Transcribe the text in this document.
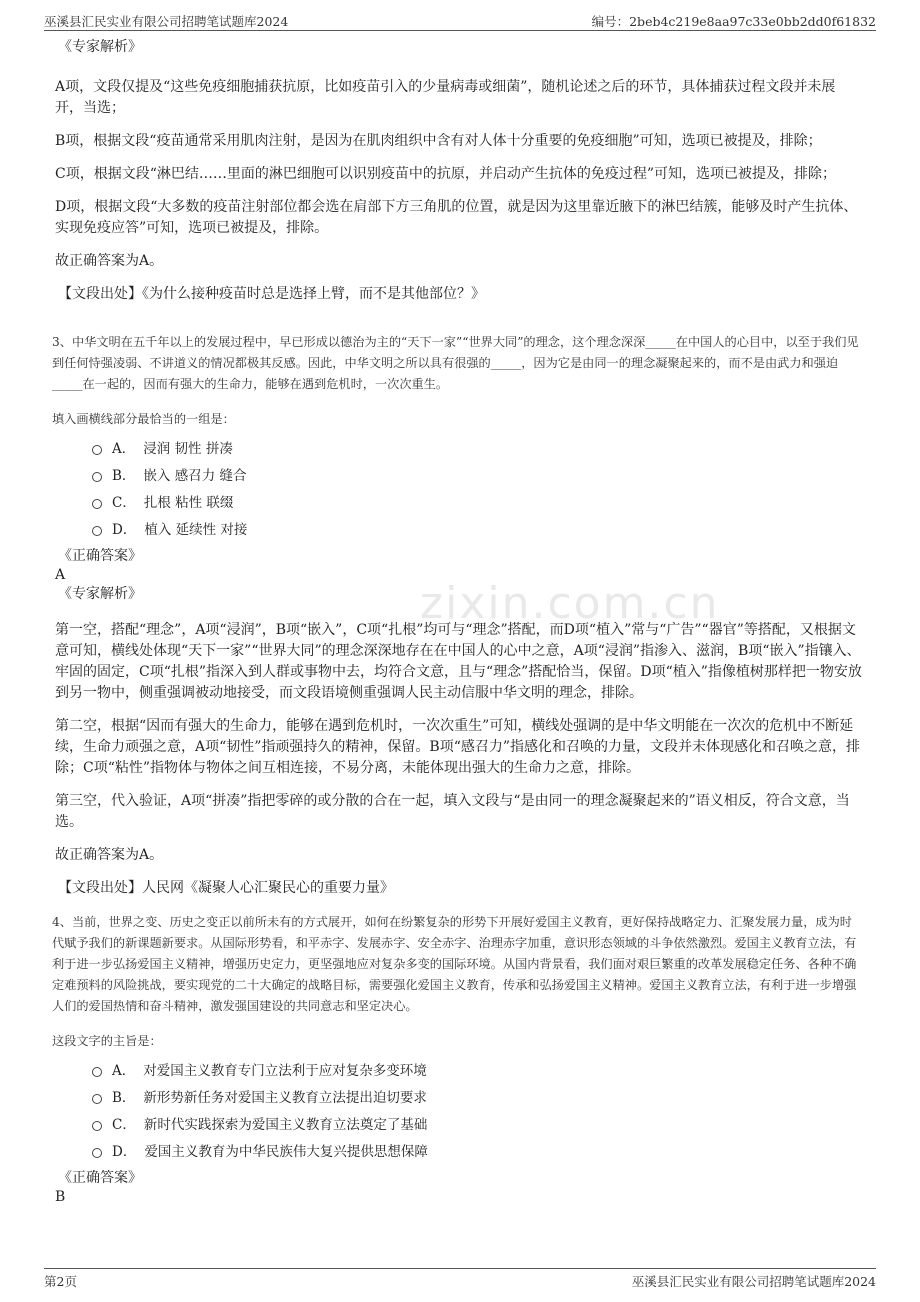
zixin.com.cn
巫溪县汇民实业有限公司招聘笔试题库2024	编号：2beb4c219e8aa97c33e0bb2dd0f61832
《专家解析》

A项，文段仅提及“这些免疫细胞捕获抗原，比如疫苗引入的少量病毒或细菌”，随机论述之后的环节，具体捕获过程文段并未展开，当选；

B项，根据文段“疫苗通常采用肌肉注射，是因为在肌肉组织中含有对人体十分重要的免疫细胞”可知，选项已被提及，排除；

C项，根据文段“淋巴结……里面的淋巴细胞可以识别疫苗中的抗原，并启动产生抗体的免疫过程”可知，选项已被提及，排除；

D项，根据文段“大多数的疫苗注射部位都会选在肩部下方三角肌的位置，就是因为这里靠近腋下的淋巴结簇，能够及时产生抗体、实现免疫应答”可知，选项已被提及，排除。

故正确答案为A。

【文段出处】《为什么接种疫苗时总是选择上臂，而不是其他部位？》
3、中华文明在五千年以上的发展过程中，早已形成以德治为主的“天下一家”“世界大同”的理念，这个理念深深_____在中国人的心目中，以至于我们见到任何恃强凌弱、不讲道义的情况都极其反感。因此，中华文明之所以具有很强的_____，因为它是由同一的理念凝聚起来的，而不是由武力和强迫_____在一起的，因而有强大的生命力，能够在遇到危机时，一次次重生。
填入画横线部分最恰当的一组是：
A． 浸润 韧性 拼凑
B． 嵌入 感召力 缝合
C． 扎根 粘性 联缀
D． 植入 延续性 对接
《正确答案》
A
《专家解析》

第一空，搭配“理念”，A项“浸润”，B项“嵌入”，C项“扎根”均可与“理念”搭配，而D项“植入”常与“广告”“器官”等搭配，又根据文意可知，横线处体现“天下一家”“世界大同”的理念深深地存在在中国人的心中之意，A项“浸润”指渗入、滋润，B项“嵌入”指镶入、牢固的固定，C项“扎根”指深入到人群或事物中去，均符合文意，且与“理念”搭配恰当，保留。D项“植入”指像植树那样把一物安放到另一物中，侧重强调被动地接受，而文段语境侧重强调人民主动信服中华文明的理念，排除。

第二空，根据“因而有强大的生命力，能够在遇到危机时，一次次重生”可知，横线处强调的是中华文明能在一次次的危机中不断延续，生命力顽强之意，A项“韧性”指顽强持久的精神，保留。B项“感召力”指感化和召唤的力量，文段并未体现感化和召唤之意，排除；C项“粘性”指物体与物体之间互相连接，不易分离，未能体现出强大的生命力之意，排除。

第三空，代入验证，A项“拼凑”指把零碎的或分散的合在一起，填入文段与“是由同一的理念凝聚起来的”语义相反，符合文意，当选。

故正确答案为A。

【文段出处】人民网《凝聚人心汇聚民心的重要力量》
4、当前，世界之变、历史之变正以前所未有的方式展开，如何在纷繁复杂的形势下开展好爱国主义教育，更好保持战略定力、汇聚发展力量，成为时代赋予我们的新课题新要求。从国际形势看，和平赤字、发展赤字、安全赤字、治理赤字加重，意识形态领域的斗争依然激烈。爱国主义教育立法，有利于进一步弘扬爱国主义精神，增强历史定力，更坚强地应对复杂多变的国际环境。从国内背景看，我们面对艰巨繁重的改革发展稳定任务、各种不确定难预料的风险挑战，要实现党的二十大确定的战略目标，需要强化爱国主义教育，传承和弘扬爱国主义精神。爱国主义教育立法，有利于进一步增强人们的爱国热情和奋斗精神，激发强国建设的共同意志和坚定决心。
这段文字的主旨是：
A． 对爱国主义教育专门立法利于应对复杂多变环境
B． 新形势新任务对爱国主义教育立法提出迫切要求
C． 新时代实践探索为爱国主义教育立法奠定了基础
D． 爱国主义教育为中华民族伟大复兴提供思想保障
《正确答案》
B
第2页	巫溪县汇民实业有限公司招聘笔试题库2024
